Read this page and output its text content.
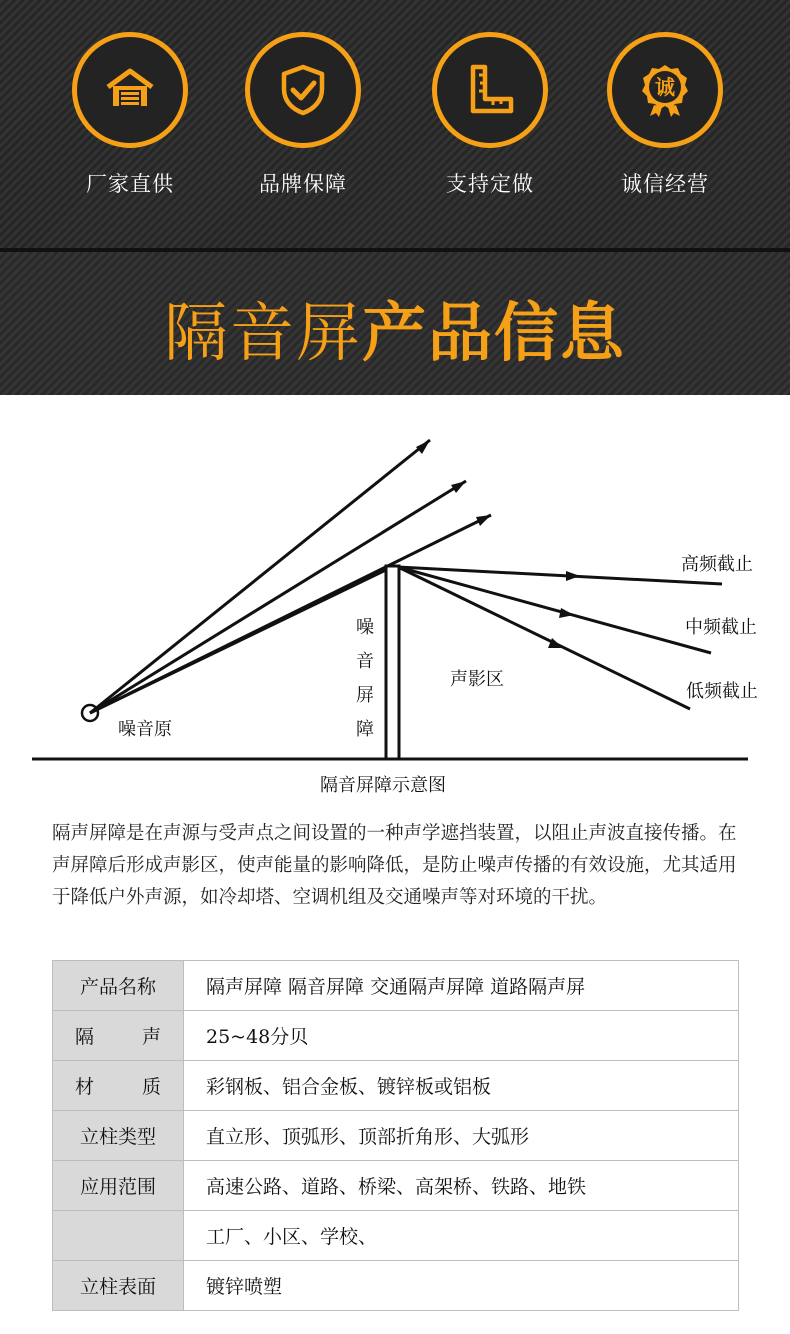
厂家直供	品牌保障	支持定做
诚
诚信经营
隔音屏产品信息
噪音原
噪
音
屏
障
声影区
高频截止
中频截止
低频截止
隔音屏障示意图
隔声屏障是在声源与受声点之间设置的一种声学遮挡装置，以阻止声波直接传播。在声屏障后形成声影区，使声能量的影响降低，是防止噪声传播的有效设施，尤其适用于降低户外声源，如冷却塔、空调机组及交通噪声等对环境的干扰。
产品名称	隔声屏障 隔音屏障 交通隔声屏障 道路隔声屏
隔声	25~48分贝
材质	彩钢板、铝合金板、镀锌板或铝板
立柱类型	直立形、顶弧形、顶部折角形、大弧形
应用范围	高速公路、道路、桥梁、高架桥、铁路、地铁
	工厂、小区、学校、
立柱表面	镀锌喷塑
